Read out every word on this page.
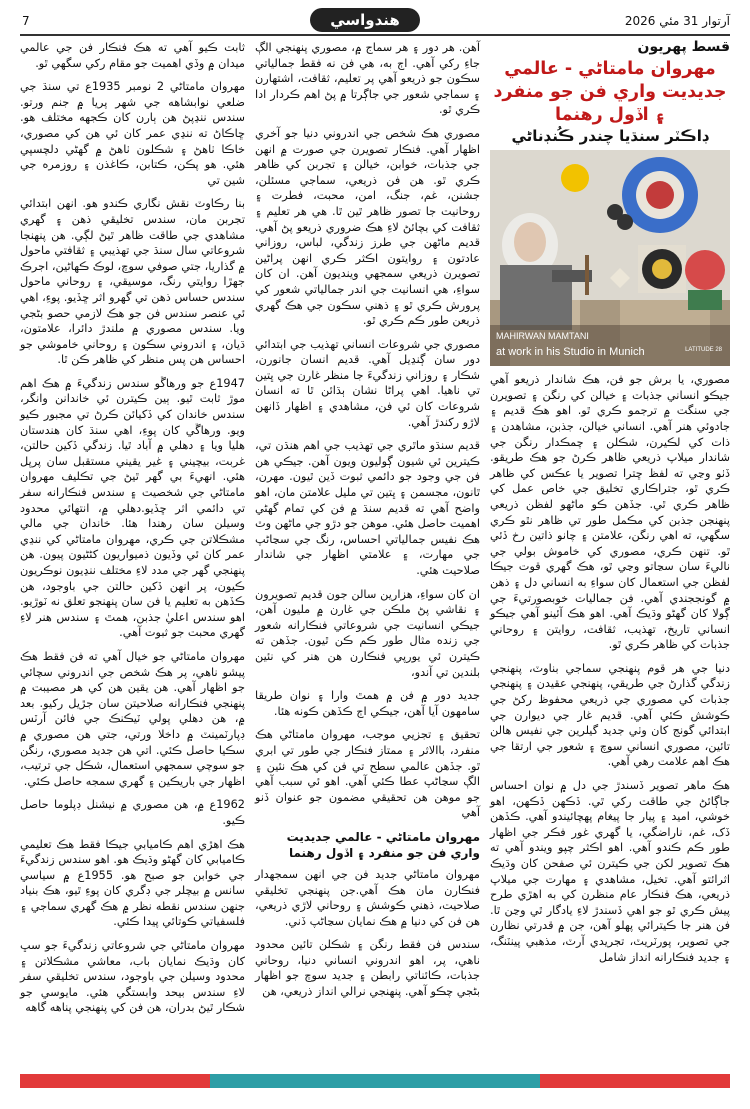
7	هندواسي	آرتوار 31 مئي 2026
قسط پهريون
مهروان مامتاڻي - عالمي جديديت واري فن جو منفرد ۽ اڏول رهنما
ڊاڪٽر سنڌيا چندر ڪُنڊناڻي
MAHIRWAN MAMTANI
at work in his Studio in Munich	LATITUDE 28

مصوري، يا برش جو فن، هڪ شاندار ذريعو آهي جيڪو انساني جذبات ۽ خيالن کي رنگن ۽ تصويرن جي سنگت ۾ ترجمو ڪري ٿو. اهو هڪ قديم ۽ جادوئي هنر آهي. انساني خيالن، جذبن، مشاهدن ۽ ذات کي لڪيرن، شڪلن ۽ چمڪدار رنگن جي شاندار ميلاپ ذريعي ظاهر ڪرڻ جو هڪ طريقو. ڏٺو وڃي ته لفظ ڇترا تصوير يا عڪس کي ظاهر ڪري ٿو، جتراڪاري تخليق جي خاص عمل کي ظاهر ڪري ٿي. جڏهن ڪو ماڻهو لفظن ذريعي پنهنجن جذبن کي مڪمل طور تي ظاهر نٿو ڪري سگهي، ته اهي رنگن، علامتن ۽ چانو ذاتين رخ ڏئي ٿو. تنهن ڪري، مصوري کي خاموش بولي جي ناليءَ سان سڃاتو وڃي ٿو، هڪ گهري قوت جيڪا لفظن جي استعمال کان سواءِ به انساني دل ۽ ذهن ۾ گونججندي آهي. فن جماليات خوبصورتيءَ جي ڳولا کان گهڻو وڌيڪ آهي. اهو هڪ آئينو آهي جيڪو انساني تاريخ، تهذيب، ثقافت، روايتن ۽ روحاني جذبات کي ظاهر ڪري ٿو.

دنيا جي هر قوم پنهنجي سماجي بناوٽ، پنهنجي زندگي گذارڻ جي طريقي، پنهنجي عقيدن ۽ پنهنجي جذبات کي مصوري جي ذريعي محفوظ رکڻ جي ڪوشش ڪئي آهي. قديم غار جي ديوارن جي ابتدائي گونج کان وٺي جديد گيلرين جي نفيس هالن تائين، مصوري انساني سوچ ۽ شعور جي ارتقا جي هڪ اهم علامت رهي آهي.

هڪ ماهر تصوير ڏسندڙ جي دل ۾ نوان احساس جاڳائڻ جي طاقت رکي ٿي. ڏڪهن ڏڪهن، اهو خوشي، اميد ۽ پيار جا پيغام پهچائيندو آهي. ڪڏهن ڏک، غم، ناراضگي، يا گهري غور فڪر جي اظهار طور ڪم ڪندو آهي. اهو اڪثر چپو ويندو آهي ته هڪ تصوير لکن جي ڪيترن ئي صفحن کان وڌيڪ اثرائتو آهي. تخيل، مشاهدي ۽ مهارت جي ميلاپ ذريعي، هڪ فنڪار عام منظرن کي به اهڙي طرح پيش ڪري ٿو جو اهي ڏسندڙ لاءِ يادگار ٿي وڃن ٿا. فن هنر جا ڪيترائي پهلو آهن، جن ۾ قدرتي نظارن جي تصوير، پورٽريٽ، تجريدي آرٽ، مذهبي پينٽنگ، ۽ جديد فنڪارانه انداز شامل

آهن. هر دور ۽ هر سماج ۾، مصوري پنهنجي الڳ جاءِ رکي آهي. اڄ به، هي فن نه فقط جمالياتي سڪون جو ذريعو آهي پر تعليم، ثقافت، اشتهارن ۽ سماجي شعور جي جاڳرتا ۾ پڻ اهم ڪردار ادا ڪري ٿو.

مصوري هڪ شخص جي اندروني دنيا جو آخري اظهار آهي. فنڪار تصويرن جي صورت ۾ انهن جي جذبات، خوابن، خيالن ۽ تجربن کي ظاهر ڪري ٿو. هن فن ذريعي، سماجي مسئلن، جشنن، غم، جنگ، امن، محبت، فطرت ۽ روحانيت جا تصور ظاهر ٿين ٿا. هي هر تعليم ۽ ثقافت کي بچائڻ لاءِ هڪ ضروري ذريعو پڻ آهي. قديم ماڻهن جي طرز زندگي، لباس، روزاني عادتون ۽ روايتون اڪثر ڪري انهن پراڻين تصويرن ذريعي سمجهي وينديون آهن. ان کان سواءِ، هي انسانيت جي اندر جمالياتي شعور کي پرورش ڪري ٿو ۽ ذهني سڪون جي هڪ گهري ذريعن طور ڪم ڪري ٿو.

مصوري جي شروعات انساني تهذيب جي ابتدائي دور سان ڳنڍيل آهي. قديم انسان جانورن، شڪار ۽ روزاني زندگيءَ جا منظر غارن جي ڀتين تي ناهيا. اهي پراڻا نشان ٻڌائن ٿا ته انسان شروعات کان ئي فن، مشاهدي ۽ اظهار ڏانهن لاڙو رکندڙ آهي.

قديم سنڌو ماٿري جي تهذيب جي اهم هنڌن تي، ڪيترين ئي شيون ڳوليون ويون آهن. جيڪي هن فن جي وجود جو دائمي ثبوت ڏين ٿيون. مهرن، ٿانون، مجسمن ۽ ڀتين تي مليل علامتن مان، اهو واضح آهي ته قديم سنڌ ۾ فن کي تمام گهڻي اهميت حاصل هئي. موهن جو دڙو جي ماڻهن وٽ هڪ نفيس جمالياتي احساس، رنگ جي سڃاڻپ جي مهارت، ۽ علامتي اظهار جي شاندار صلاحيت هئي.

ان کان سواءِ، هزارين سالن جون قديم تصويرون ۽ نقاشي پڻ ملڪن جي غارن ۾ مليون آهن، جيڪي انسانيت جي شروعاتي فنڪارانه شعور جي زنده مثال طور ڪم ڪن ٿيون. جڏهن ته ڪيترن ئي يورپي فنڪارن هن هنر کي نئين بلندين تي آندو،

جديد دور ۾ فن ۾ همٿ وارا ۽ نوان طريقا سامهون آيا آهن، جيڪي اڄ ڪڏهن ڪونه هئا.

تحقيق ۽ تجزيي موجب، مهروان مامتاڻي هڪ منفرد، باالاثر ۽ ممتاز فنڪار جي طور تي ابري ٿو. جڏهن عالمي سطح تي فن کي هڪ نئين ۽ الڳ سڃاڻپ عطا ڪئي آهي. اهو ئي سبب آهي جو موهن هن تحقيقي مضمون جو عنوان ڏنو آهي

مهروان مامتاڻي - عالمي جديديت واري فن جو منفرد ۽ اڏول رهنما

مهروان مامتاڻي جديد فن جي انهن سمجهدار فنڪارن مان هڪ آهي.جن پنهنجي تخليقي صلاحيت، ذهني ڪوشش ۽ روحاني لاڙي ذريعي، هن فن کي دنيا ۾ هڪ نمايان سڃاڻپ ڏني.

سندس فن فقط رنگن ۽ شڪلن تائين محدود ناهي، پر، اهو اندروني انساني دنيا، روحاني جذبات، ڪائناتي رابطن ۽ جديد سوچ جو اظهار بڻجي چڪو آهي. پنهنجي نرالي انداز ذريعي، هن

ثابت ڪيو آهي ته هڪ فنڪار فن جي عالمي ميدان ۾ وڏي اهميت جو مقام رکي سگهي ٿو.

مهروان مامتاڻي 2 نومبر 1935ع تي سنڌ جي ضلعي نوابشاهه جي شهر پريا ۾ جنم ورتو. سندس ننڍپڻ هن ٻارن کان ڪجهه مختلف هو. ڇاڪاڻ ته ننڍي عمر کان ئي هن کي مصوري، خاڪا ٺاهڻ ۽ شڪلون ٺاهڻ ۾ گهڻي دلچسپي هئي. هو پڪن، ڪتابن، ڪاغذن ۽ روزمره جي شين تي

بنا رڪاوٽ نقش نگاري ڪندو هو. انهن ابتدائي تجربن مان، سندس تخليقي ذهن ۽ گهري مشاهدي جي طاقت ظاهر ٿيڻ لڳي. هن پنهنجا شروعاتي سال سنڌ جي تهذيبي ۽ ثقافتي ماحول ۾ گذاريا، جتي صوفي سوچ، لوڪ ڪهاڻين، اجرڪ جهڙا روايتي رنگ، موسيقي، ۽ روحاني ماحول سندس حساس ذهن تي گهرو اثر ڇڏيو. پوءِ، اهي ئي عنصر سندس فن جو هڪ لازمي حصو بڻجي ويا. سندس مصوري ۾ ملندڙ دائرا، علامتون، ڌيان، ۽ اندروني سڪون ۽ روحاني خاموشي جو احساس هن پس منظر کي ظاهر ڪن ٿا.

1947ع جو ورهاڱو سندس زندگيءَ ۾ هڪ اهم موڙ ثابت ٿيو. ٻين ڪيترن ئي خاندانن وانگر، سندس خاندان کي ڏکيائن ڪرڻ تي مجبور ڪيو ويو. ورهاڱي کان پوءِ، اهي سنڌ کان هندستان هليا ويا ۽ دهلي ۾ آباد ٿيا. زندگي ڏکين حالتن، غربت، بيچيني ۽ غير يقيني مستقبل سان پرپل هئي. انهيءَ بي گهر ٿيڻ جي تڪليف مهروان مامتاڻي جي شخصيت ۽ سندس فنڪارانه سفر تي دائمي اثر ڇڏيو.دهلي ۾، انتهائي محدود وسيلن سان رهندا هئا. خاندان جي مالي مشڪلاتن جي ڪري، مهروان مامتاڻي کي ننڍي عمر کان ئي وڏيون ذميواريون کڻڻيون پيون. هن پنهنجي گهر جي مدد لاءِ مختلف ننڍيون نوڪريون ڪيون، پر انهن ڏکين حالتن جي باوجود، هن ڪڏهن به تعليم يا فن سان پنهنجو تعلق نه ٽوڙيو. اهو سندس اعليٰ جذبن، همٿ ۽ سندس هنر لاءِ گهري محبت جو ثبوت آهي.

مهروان مامتاڻي جو خيال آهي ته فن فقط هڪ پيشو ناهي، پر هڪ شخص جي اندروني سچائي جو اظهار آهي. هن يقين هن کي هر مصيبت ۾ پنهنجي فنڪارانه صلاحيتن سان جڙيل رکيو. بعد ۾، هن دهلي پولي ٽيڪنڪ جي فائن آرٽس ڊپارٽمينٽ ۾ داخلا ورتي، جتي هن مصوري ۾ سڪيا حاصل ڪئي. اتي هن جديد مصوري، رنگن جو سوچي سمجهي استعمال، شڪل جي ترتيب، اظهار جي باريڪين ۽ گهري سمجه حاصل ڪئي.

1962ع ۾، هن مصوري ۾ نيشنل ڊپلوما حاصل ڪيو.

هڪ اهڙي اهم ڪاميابي جيڪا فقط هڪ تعليمي ڪاميابي کان گهڻو وڌيڪ هو. اهو سندس زندگيءَ جي خوابن جو صبح هو. 1955ع ۾ سياسي سانس ۾ بيچلر جي ڊگري کان پوءِ ٿيو، هڪ بنياد جنهن سندس نقطه نظر ۾ هڪ گهري سماجي ۽ فلسفياتي ڪوتائي پيدا ڪئي.

مهروان مامتاڻي جي شروعاتي زندگيءَ جو سڀ کان وڌيڪ نمايان باب، معاشي مشڪلاتن ۽ محدود وسيلن جي باوجود، سندس تخليقي سفر لاءِ سندس بيحد وابستگي هئي. مايوسي جو شڪار ٿيڻ بدران، هن فن کي پنهنجي پناهه گاهه
